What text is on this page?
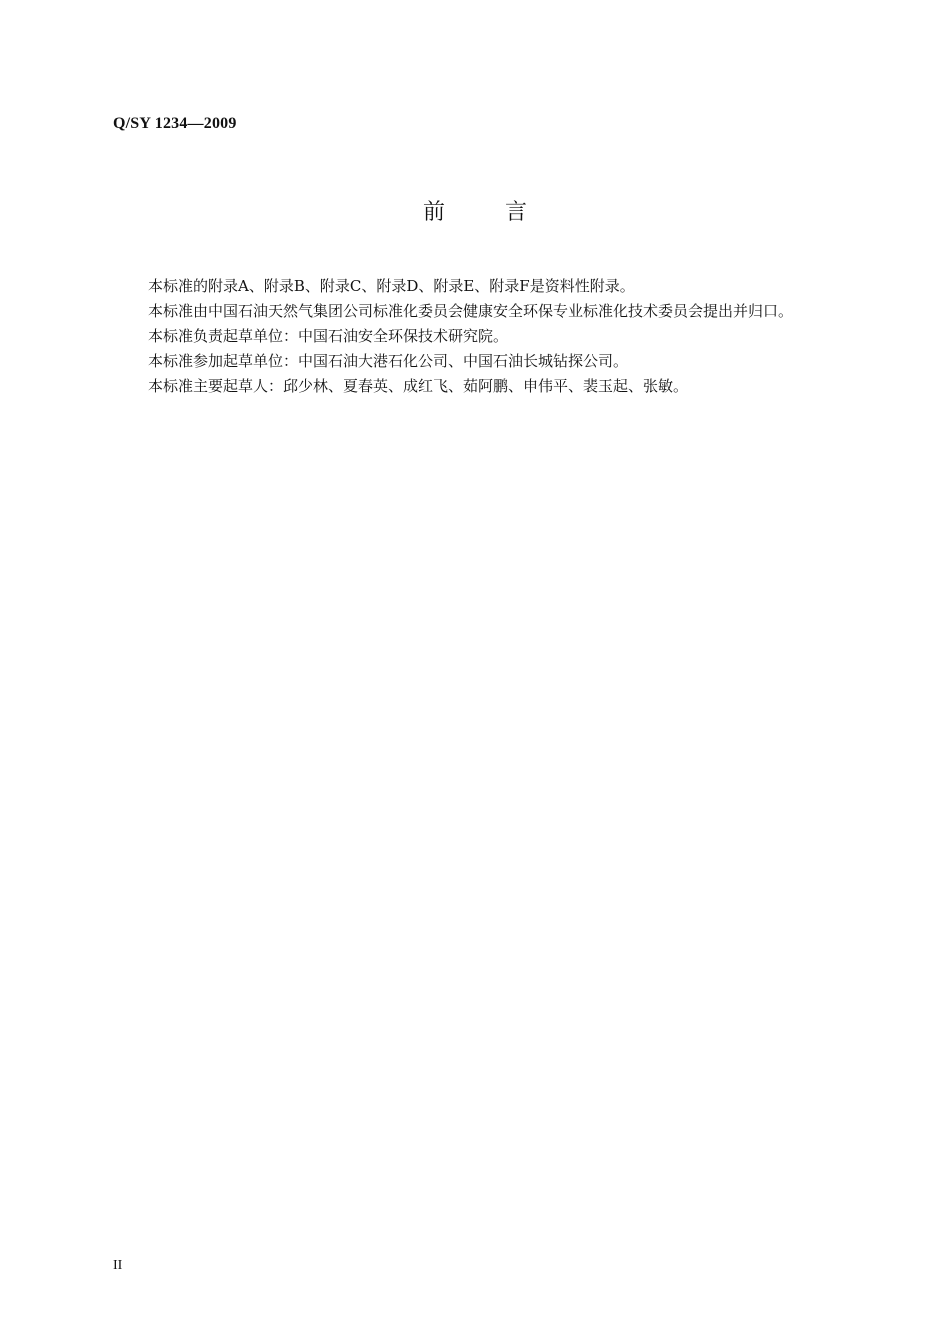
Q/SY 1234—2009
前	言

本标准的附录A、附录B、附录C、附录D、附录E、附录F是资料性附录。

本标准由中国石油天然气集团公司标准化委员会健康安全环保专业标准化技术委员会提出并归口。

本标准负责起草单位：中国石油安全环保技术研究院。

本标准参加起草单位：中国石油大港石化公司、中国石油长城钻探公司。

本标准主要起草人：邱少林、夏春英、成红飞、茹阿鹏、申伟平、裴玉起、张敏。

II
